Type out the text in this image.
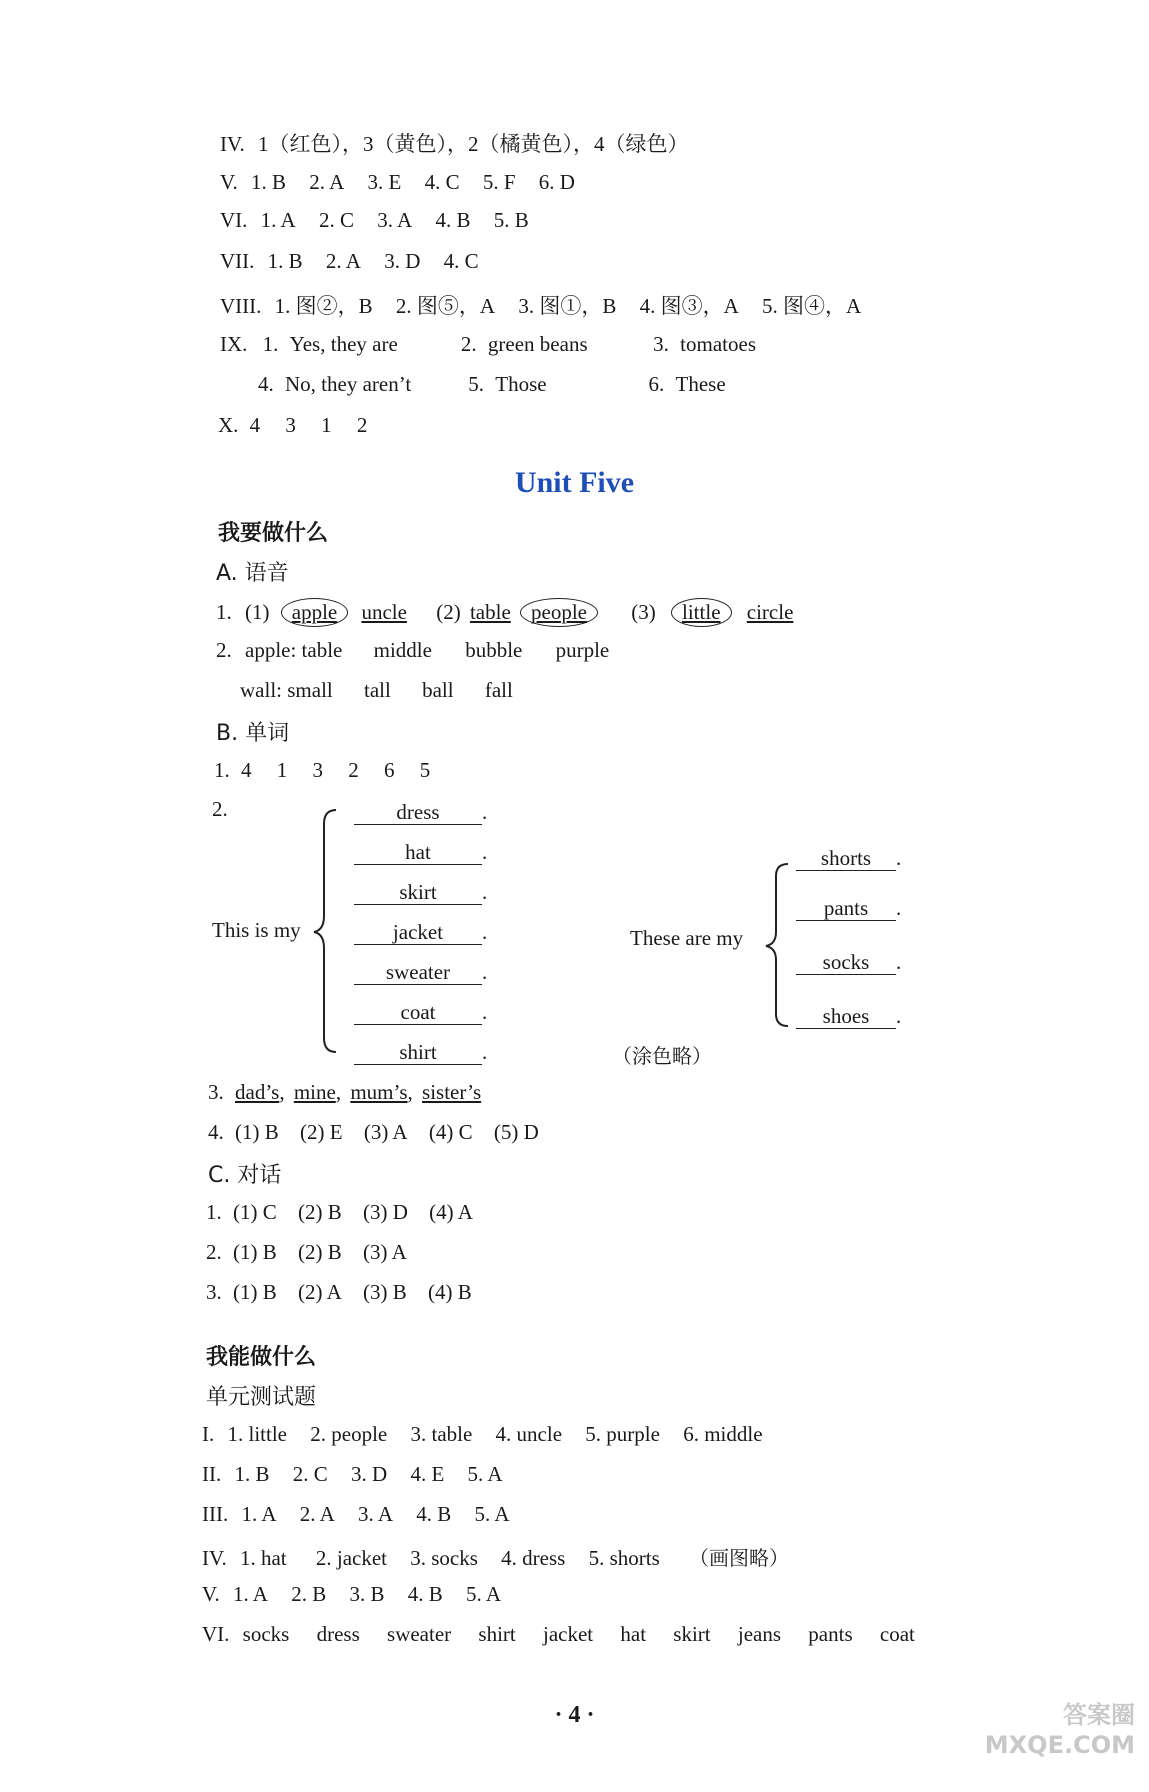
IV. 1（红色），3（黄色），2（橘黄色），4（绿色）
V. 1. B 2. A 3. E 4. C 5. F 6. D
VI. 1. A 2. C 3. A 4. B 5. B
VII. 1. B 2. A 3. D 4. C
VIII. 1. 图②，B 2. 图⑤，A 3. 图①，B 4. 图③，A 5. 图④，A
IX. 1. Yes, they are	2. green beans	3. tomatoes
4. No, they aren’t	5. Those	6. These
X. 4 3 1 2
Unit Five
我要做什么
A. 语音
1. (1) apple uncle (2) table people (3) little circle
2. apple: table middle bubble purple
wall: small tall ball fall
B. 单词
1. 4 1 3 2 6 5
2.
This is my
dress .
hat .
skirt .
jacket .
sweater .
coat .
shirt .
These are my
shorts .
pants .
socks .
shoes .
（涂色略）
3. dad’s, mine, mum’s, sister’s
4. (1) B (2) E (3) A (4) C (5) D
C. 对话
1. (1) C (2) B (3) D (4) A
2. (1) B (2) B (3) A
3. (1) B (2) A (3) B (4) B
我能做什么
单元测试题
I. 1. little 2. people 3. table 4. uncle 5. purple 6. middle
II. 1. B 2. C 3. D 4. E 5. A
III. 1. A 2. A 3. A 4. B 5. A
IV. 1. hat 2. jacket 3. socks 4. dress 5. shorts （画图略）
V. 1. A 2. B 3. B 4. B 5. A
VI. socks dress sweater shirt jacket hat skirt jeans pants coat
· 4 ·	答案圈 MXQE.COM
